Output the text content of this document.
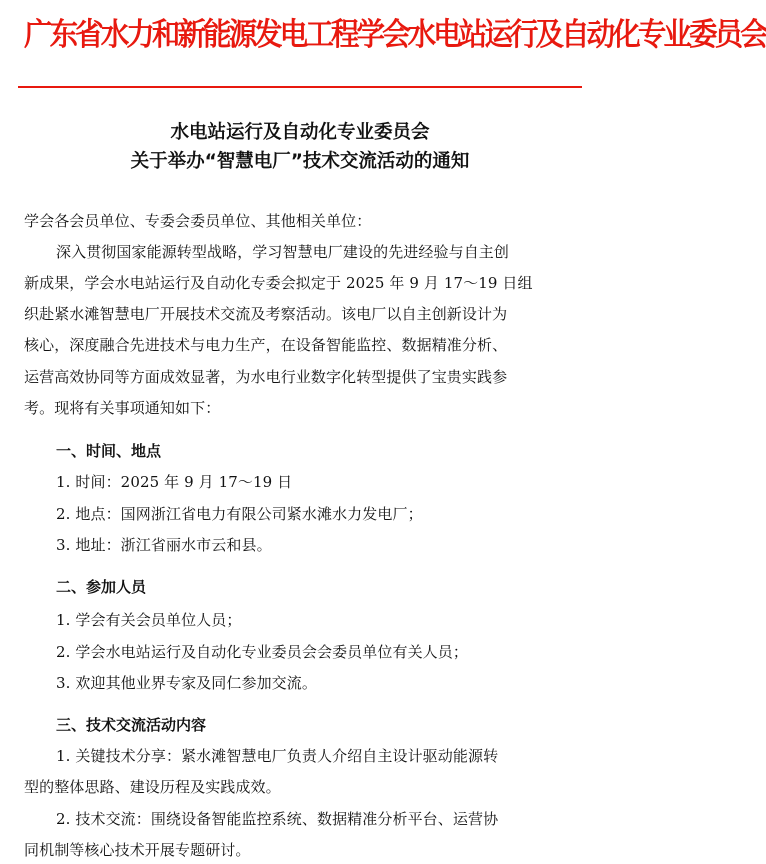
广东省水力和新能源发电工程学会水电站运行及自动化专业委员会
水电站运行及自动化专业委员会
关于举办“智慧电厂”技术交流活动的通知
学会各会员单位、专委会委员单位、其他相关单位：
深入贯彻国家能源转型战略，学习智慧电厂建设的先进经验与自主创
新成果，学会水电站运行及自动化专委会拟定于 2025 年 9 月 17～19 日组
织赴紧水滩智慧电厂开展技术交流及考察活动。该电厂以自主创新设计为
核心，深度融合先进技术与电力生产，在设备智能监控、数据精准分析、
运营高效协同等方面成效显著，为水电行业数字化转型提供了宝贵实践参
考。现将有关事项通知如下：
一、时间、地点
1. 时间：2025 年 9 月 17～19 日
2. 地点：国网浙江省电力有限公司紧水滩水力发电厂；
3. 地址：浙江省丽水市云和县。
二、参加人员
1. 学会有关会员单位人员；
2. 学会水电站运行及自动化专业委员会会委员单位有关人员；
3. 欢迎其他业界专家及同仁参加交流。
三、技术交流活动内容
1. 关键技术分享：紧水滩智慧电厂负责人介绍自主设计驱动能源转
型的整体思路、建设历程及实践成效。
2. 技术交流：围绕设备智能监控系统、数据精准分析平台、运营协
同机制等核心技术开展专题研讨。
